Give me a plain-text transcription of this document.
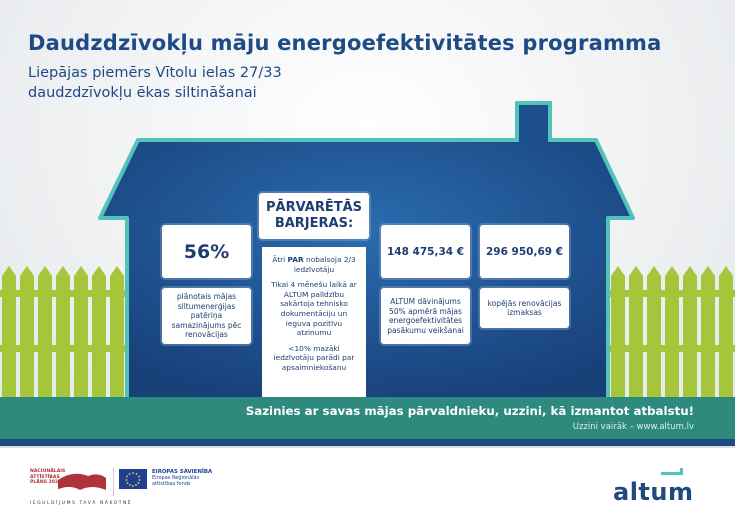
Daudzdzīvokļu māju energoefektivitātes programma

Liepājas piemērs Vītolu ielas 27/33
daudzdzīvokļu ēkas siltināšanai

56%
plānotais mājas siltumenerģijas patēriņa samazinājums pēc renovācijas
148 475,34 €
ALTUM dāvinājums 50% apmērā mājas energoefektivitātes pasākumu veikšanai
296 950,69 €
kopējās renovācijas izmaksas
PĀRVARĒTĀS
BARJERAS:

Ātri PAR nobalsoja 2/3 iedzīvotāju

Tikai 4 mēnešu laikā ar ALTUM palīdzību sakārtoja tehnisko dokumentāciju un ieguva pozitīvu atzinumu

<10% mazāki iedzīvotāju parādi par apsaimniekošanu

Sazinies ar savas mājas pārvaldnieku, uzzini, kā izmantot atbalstu!

Uzzini vairāk – www.altum.lv

NACIONĀLAIS
ATTĪSTĪBAS
PLĀNS 2020
IEGULDĪJUMS TAVĀ NĀKOTNĒ
EIROPAS SAVIENĪBA
Eiropas Reģionālās
attīstības fonds	altum
